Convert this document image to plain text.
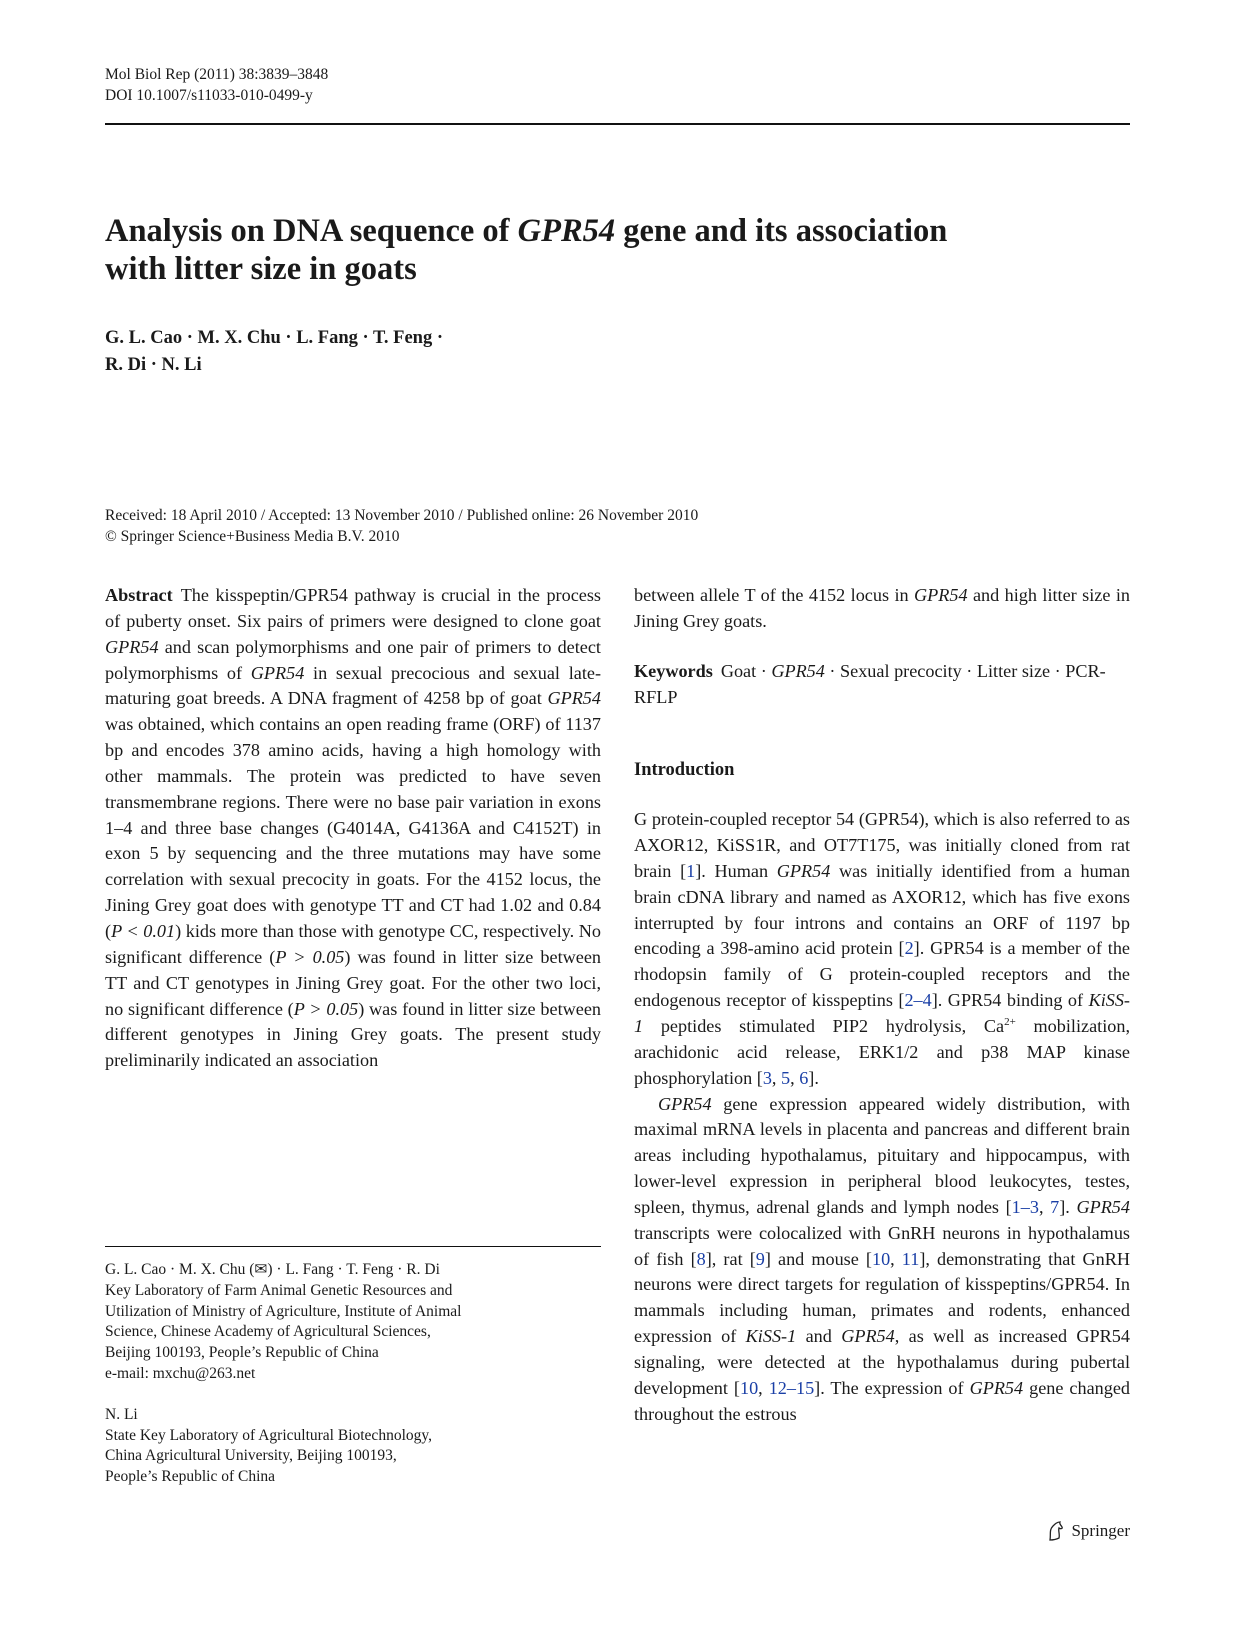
Mol Biol Rep (2011) 38:3839–3848
DOI 10.1007/s11033-010-0499-y
Analysis on DNA sequence of GPR54 gene and its association
with litter size in goats
G. L. Cao · M. X. Chu · L. Fang · T. Feng ·
R. Di · N. Li
Received: 18 April 2010 / Accepted: 13 November 2010 / Published online: 26 November 2010
© Springer Science+Business Media B.V. 2010

Abstract The kisspeptin/GPR54 pathway is crucial in the process of puberty onset. Six pairs of primers were designed to clone goat GPR54 and scan polymorphisms and one pair of primers to detect polymorphisms of GPR54 in sexual precocious and sexual late-maturing goat breeds. A DNA fragment of 4258 bp of goat GPR54 was obtained, which contains an open reading frame (ORF) of 1137 bp and encodes 378 amino acids, having a high homology with other mammals. The protein was predicted to have seven transmembrane regions. There were no base pair variation in exons 1–4 and three base changes (G4014A, G4136A and C4152T) in exon 5 by sequencing and the three mutations may have some correlation with sexual precocity in goats. For the 4152 locus, the Jining Grey goat does with genotype TT and CT had 1.02 and 0.84 (P < 0.01) kids more than those with genotype CC, respectively. No significant difference (P > 0.05) was found in litter size between TT and CT genotypes in Jining Grey goat. For the other two loci, no significant difference (P > 0.05) was found in litter size between different genotypes in Jining Grey goats. The present study preliminarily indicated an association

G. L. Cao · M. X. Chu (✉) · L. Fang · T. Feng · R. Di

Key Laboratory of Farm Animal Genetic Resources and

Utilization of Ministry of Agriculture, Institute of Animal

Science, Chinese Academy of Agricultural Sciences,

Beijing 100193, People’s Republic of China

e-mail: mxchu@263.net

N. Li

State Key Laboratory of Agricultural Biotechnology,

China Agricultural University, Beijing 100193,

People’s Republic of China

between allele T of the 4152 locus in GPR54 and high litter size in Jining Grey goats.

Keywords Goat · GPR54 · Sexual precocity · Litter size · PCR-RFLP

Introduction

G protein-coupled receptor 54 (GPR54), which is also referred to as AXOR12, KiSS1R, and OT7T175, was initially cloned from rat brain [1]. Human GPR54 was initially identified from a human brain cDNA library and named as AXOR12, which has five exons interrupted by four introns and contains an ORF of 1197 bp encoding a 398-amino acid protein [2]. GPR54 is a member of the rhodopsin family of G protein-coupled receptors and the endogenous receptor of kisspeptins [2–4]. GPR54 binding of KiSS-1 peptides stimulated PIP2 hydrolysis, $Ca^{2+}$ mobilization, arachidonic acid release, ERK1/2 and p38 MAP kinase phosphorylation [3, 5, 6].

GPR54 gene expression appeared widely distribution, with maximal mRNA levels in placenta and pancreas and different brain areas including hypothalamus, pituitary and hippocampus, with lower-level expression in peripheral blood leukocytes, testes, spleen, thymus, adrenal glands and lymph nodes [1–3, 7]. GPR54 transcripts were colocalized with GnRH neurons in hypothalamus of fish [8], rat [9] and mouse [10, 11], demonstrating that GnRH neurons were direct targets for regulation of kisspeptins/GPR54. In mammals including human, primates and rodents, enhanced expression of KiSS-1 and GPR54, as well as increased GPR54 signaling, were detected at the hypothalamus during pubertal development [10, 12–15]. The expression of GPR54 gene changed throughout the estrous

Springer
